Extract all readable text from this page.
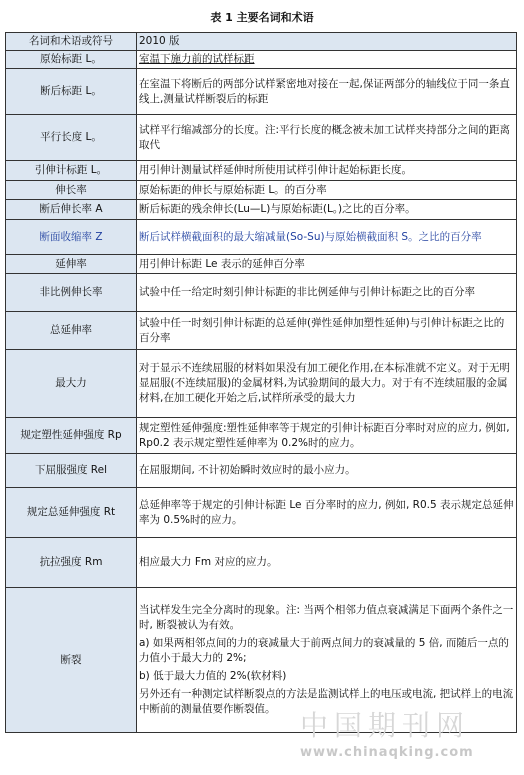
表 1 主要名词和术语
名词和术语或符号	2010 版
原始标距 L。	室温下施力前的试样标距
断后标距 L。	在室温下将断后的两部分试样紧密地对接在一起,保证两部分的轴线位于同一条直线上,测量试样断裂后的标距
平行长度 L。	试样平行缩减部分的长度。注:平行长度的概念被未加工试样夹持部分之间的距离取代
引伸计标距 L。	用引伸计测量试样延伸时所使用试样引伸计起始标距长度。
伸长率	原始标距的伸长与原始标距 L。的百分率
断后伸长率 A	断后标距的残余伸长(Lu—L)与原始标距(L。)之比的百分率。
断面收缩率 Z	断后试样横截面积的最大缩减量(So-Su)与原始横截面积 S。之比的百分率
延伸率	用引伸计标距 Le 表示的延伸百分率
非比例伸长率	试验中任一给定时刻引伸计标距的非比例延伸与引伸计标距之比的百分率
总延伸率	试验中任一时刻引伸计标距的总延伸(弹性延伸加塑性延伸)与引伸计标距之比的百分率
最大力	对于显示不连续屈服的材料如果没有加工硬化作用,在本标准就不定义。对于无明显屈服(不连续屈服)的金属材料,为试验期间的最大力。对于有不连续屈服的金属材料,在加工硬化开始之后,试样所承受的最大力
规定塑性延伸强度 Rp	规定塑性延伸强度:塑性延伸率等于规定的引伸计标距百分率时对应的应力, 例如, Rp0.2 表示规定塑性延伸率为 0.2%时的应力。
下屈服强度 Rel	在屈服期间, 不计初始瞬时效应时的最小应力。
规定总延伸强度 Rt	总延伸率等于规定的引伸计标距 Le 百分率时的应力, 例如, R0.5 表示规定总延伸率为 0.5%时的应力。
抗拉强度 Rm	相应最大力 Fm 对应的应力。
断裂	当试样发生完全分离时的现象。注: 当两个相邻力值点衰减满足下面两个条件之一时, 断裂被认为有效。
a) 如果两相邻点间的力的衰减量大于前两点间力的衰减量的 5 倍, 而随后一点的力值小于最大力的 2%;
b) 低于最大力值的 2%(软材料)
另外还有一种测定试样断裂点的方法是监测试样上的电压或电流, 把试样上的电流中断前的测量值要作断裂值。 中国期刊网
www.chinaqking.com
